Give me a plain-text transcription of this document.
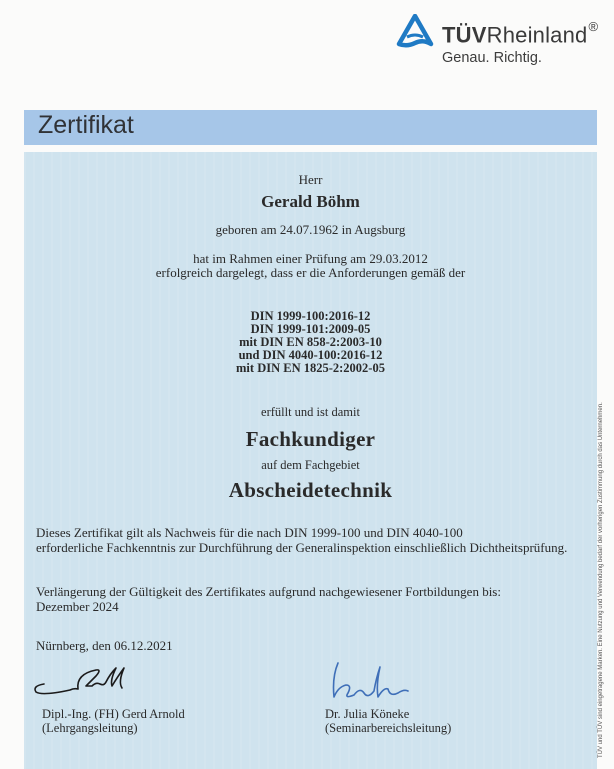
TÜVRheinland®
Genau. Richtig.
Zertifikat
Herr
Gerald Böhm
geboren am 24.07.1962 in Augsburg
hat im Rahmen einer Prüfung am 29.03.2012
erfolgreich dargelegt, dass er die Anforderungen gemäß der
DIN 1999-100:2016-12
DIN 1999-101:2009-05
mit DIN EN 858-2:2003-10
und DIN 4040-100:2016-12
mit DIN EN 1825-2:2002-05
erfüllt und ist damit
Fachkundiger
auf dem Fachgebiet
Abscheidetechnik
Dieses Zertifikat gilt als Nachweis für die nach DIN 1999-100 und DIN 4040-100
erforderliche Fachkenntnis zur Durchführung der Generalinspektion einschließlich Dichtheitsprüfung.
Verlängerung der Gültigkeit des Zertifikates aufgrund nachgewiesener Fortbildungen bis:
Dezember 2024
Nürnberg, den 06.12.2021
Dipl.-Ing. (FH) Gerd Arnold
(Lehrgangsleitung)
Dr. Julia Köneke
(Seminarbereichsleitung)	TÜV und TÜV sind eingetragene Marken. Eine Nutzung und Verwendung bedarf der vorherigen Zustimmung durch das Unternehmen.
